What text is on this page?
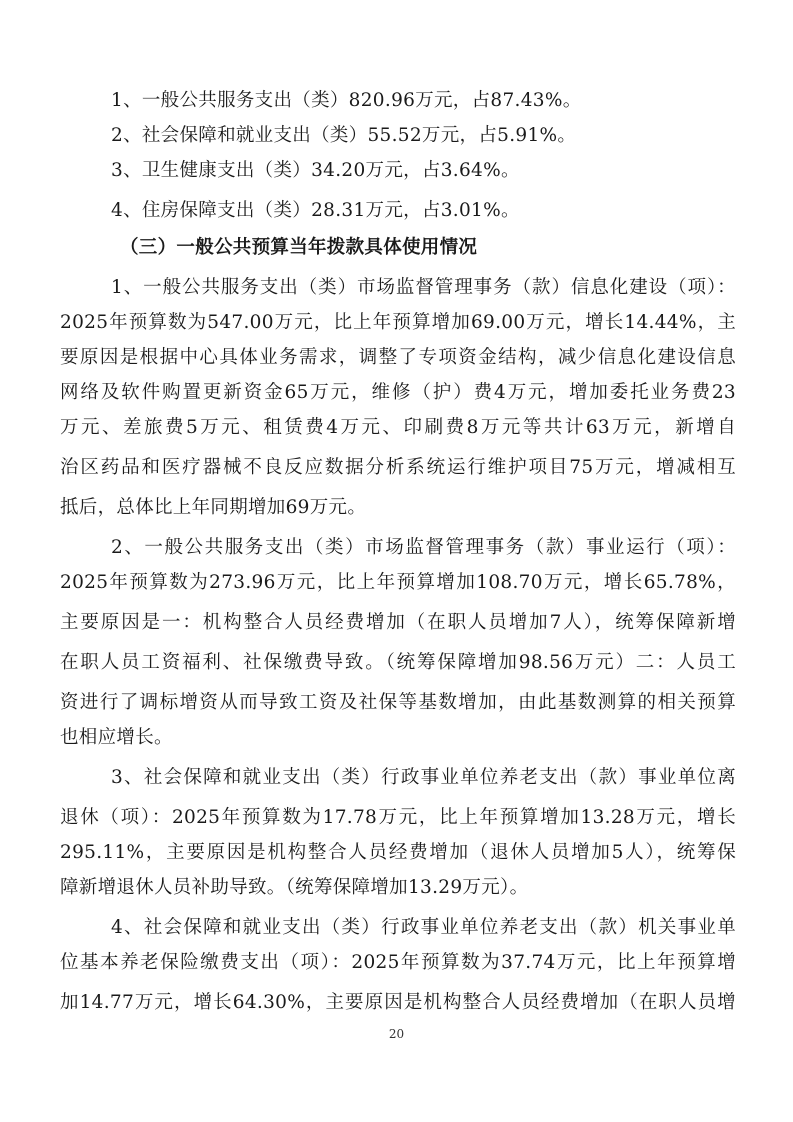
1、一般公共服务支出（类）820.96万元，占87.43%。
2、社会保障和就业支出（类）55.52万元，占5.91%。
3、卫生健康支出（类）34.20万元，占3.64%。
4、住房保障支出（类）28.31万元，占3.01%。
（三）一般公共预算当年拨款具体使用情况
1、一般公共服务支出（类）市场监督管理事务（款）信息化建设（项）：
2025年预算数为547.00万元，比上年预算增加69.00万元，增长14.44%，主
要原因是根据中心具体业务需求，调整了专项资金结构，减少信息化建设信息
网络及软件购置更新资金65万元，维修（护）费4万元，增加委托业务费23
万元、差旅费5万元、租赁费4万元、印刷费8万元等共计63万元，新增自
治区药品和医疗器械不良反应数据分析系统运行维护项目75万元，增减相互
抵后，总体比上年同期增加69万元。
2、一般公共服务支出（类）市场监督管理事务（款）事业运行（项）：
2025年预算数为273.96万元，比上年预算增加108.70万元，增长65.78%，
主要原因是一：机构整合人员经费增加（在职人员增加7人），统筹保障新增
在职人员工资福利、社保缴费导致。（统筹保障增加98.56万元）二：人员工
资进行了调标增资从而导致工资及社保等基数增加，由此基数测算的相关预算
也相应增长。
3、社会保障和就业支出（类）行政事业单位养老支出（款）事业单位离
退休（项）：2025年预算数为17.78万元，比上年预算增加13.28万元，增长
295.11%，主要原因是机构整合人员经费增加（退休人员增加5人），统筹保
障新增退休人员补助导致。（统筹保障增加13.29万元）。
4、社会保障和就业支出（类）行政事业单位养老支出（款）机关事业单
位基本养老保险缴费支出（项）：2025年预算数为37.74万元，比上年预算增
加14.77万元，增长64.30%，主要原因是机构整合人员经费增加（在职人员增
20
